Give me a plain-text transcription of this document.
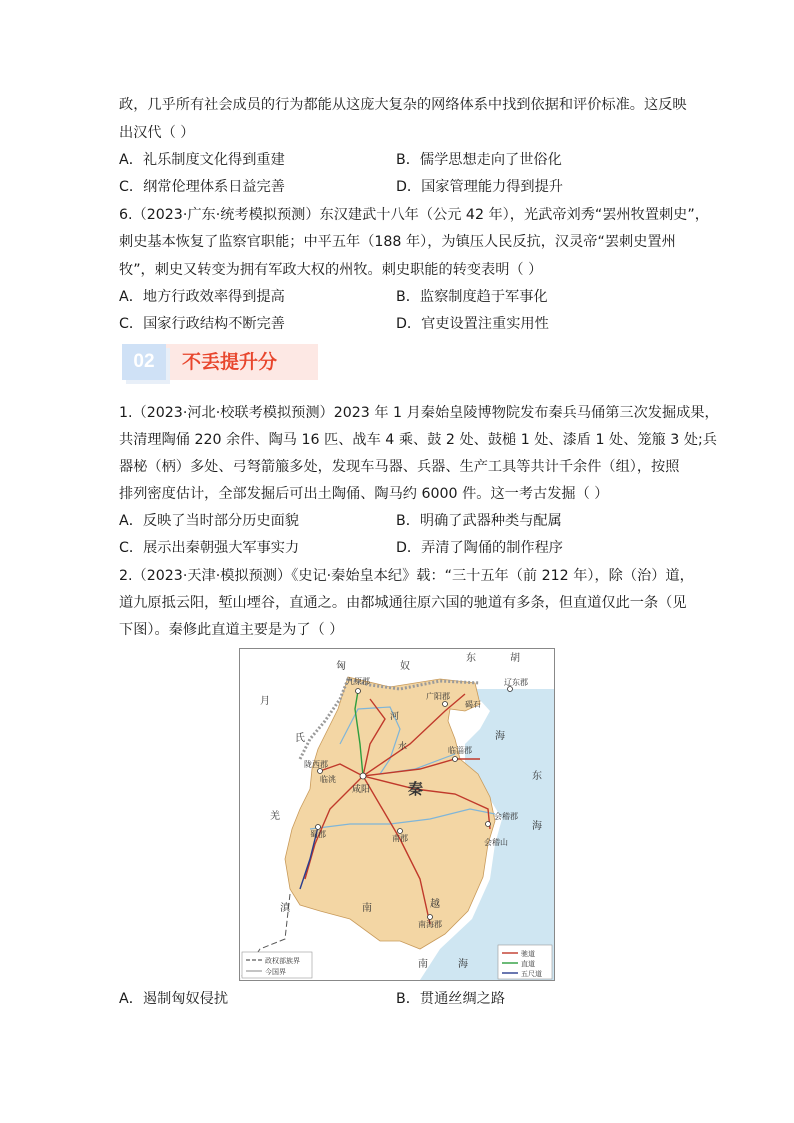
政，几乎所有社会成员的行为都能从这庞大复杂的网络体系中找到依据和评价标准。这反映
出汉代（ ）
A．礼乐制度文化得到重建	B．儒学思想走向了世俗化
C．纲常伦理体系日益完善	D．国家管理能力得到提升
6.（2023·广东·统考模拟预测）东汉建武十八年（公元 42 年），光武帝刘秀“罢州牧置刺史”，
刺史基本恢复了监察官职能；中平五年（188 年），为镇压人民反抗，汉灵帝“罢刺史置州
牧”，刺史又转变为拥有军政大权的州牧。刺史职能的转变表明（ ）
A．地方行政效率得到提高	B．监察制度趋于军事化
C．国家行政结构不断完善	D．官吏设置注重实用性
02	不丢提升分
1.（2023·河北·校联考模拟预测）2023 年 1 月秦始皇陵博物院发布秦兵马俑第三次发掘成果，
共清理陶俑 220 余件、陶马 16 匹、战车 4 乘、鼓 2 处、鼓槌 1 处、漆盾 1 处、笼箙 3 处;兵
器柲（柄）多处、弓弩箭箙多处，发现车马器、兵器、生产工具等共计千余件（组），按照
排列密度估计，全部发掘后可出土陶俑、陶马约 6000 件。这一考古发掘（ ）
A．反映了当时部分历史面貌	B．明确了武器种类与配属
C．展示出秦朝强大军事实力	D．弄清了陶俑的制作程序
2.（2023·天津·模拟预测）《史记·秦始皇本纪》载：“三十五年（前 212 年），除（治）道，
道九原抵云阳，堑山堙谷，直通之。由都城通往原六国的驰道有多条，但直道仅此一条（见
下图）。秦修此直道主要是为了（ ）
匈	奴
东	胡
月
氏
羌
九原郡
广阳郡
碣石
辽东郡
陇西郡
临洮
临淄郡
咸阳	秦
会稽郡
会稽山
蜀郡	南郡
滇	南	越
南海郡
海
东
海
南	海
河
水
政权部族界
今国界
驰道
直道
五尺道
A．遏制匈奴侵扰	B．贯通丝绸之路
